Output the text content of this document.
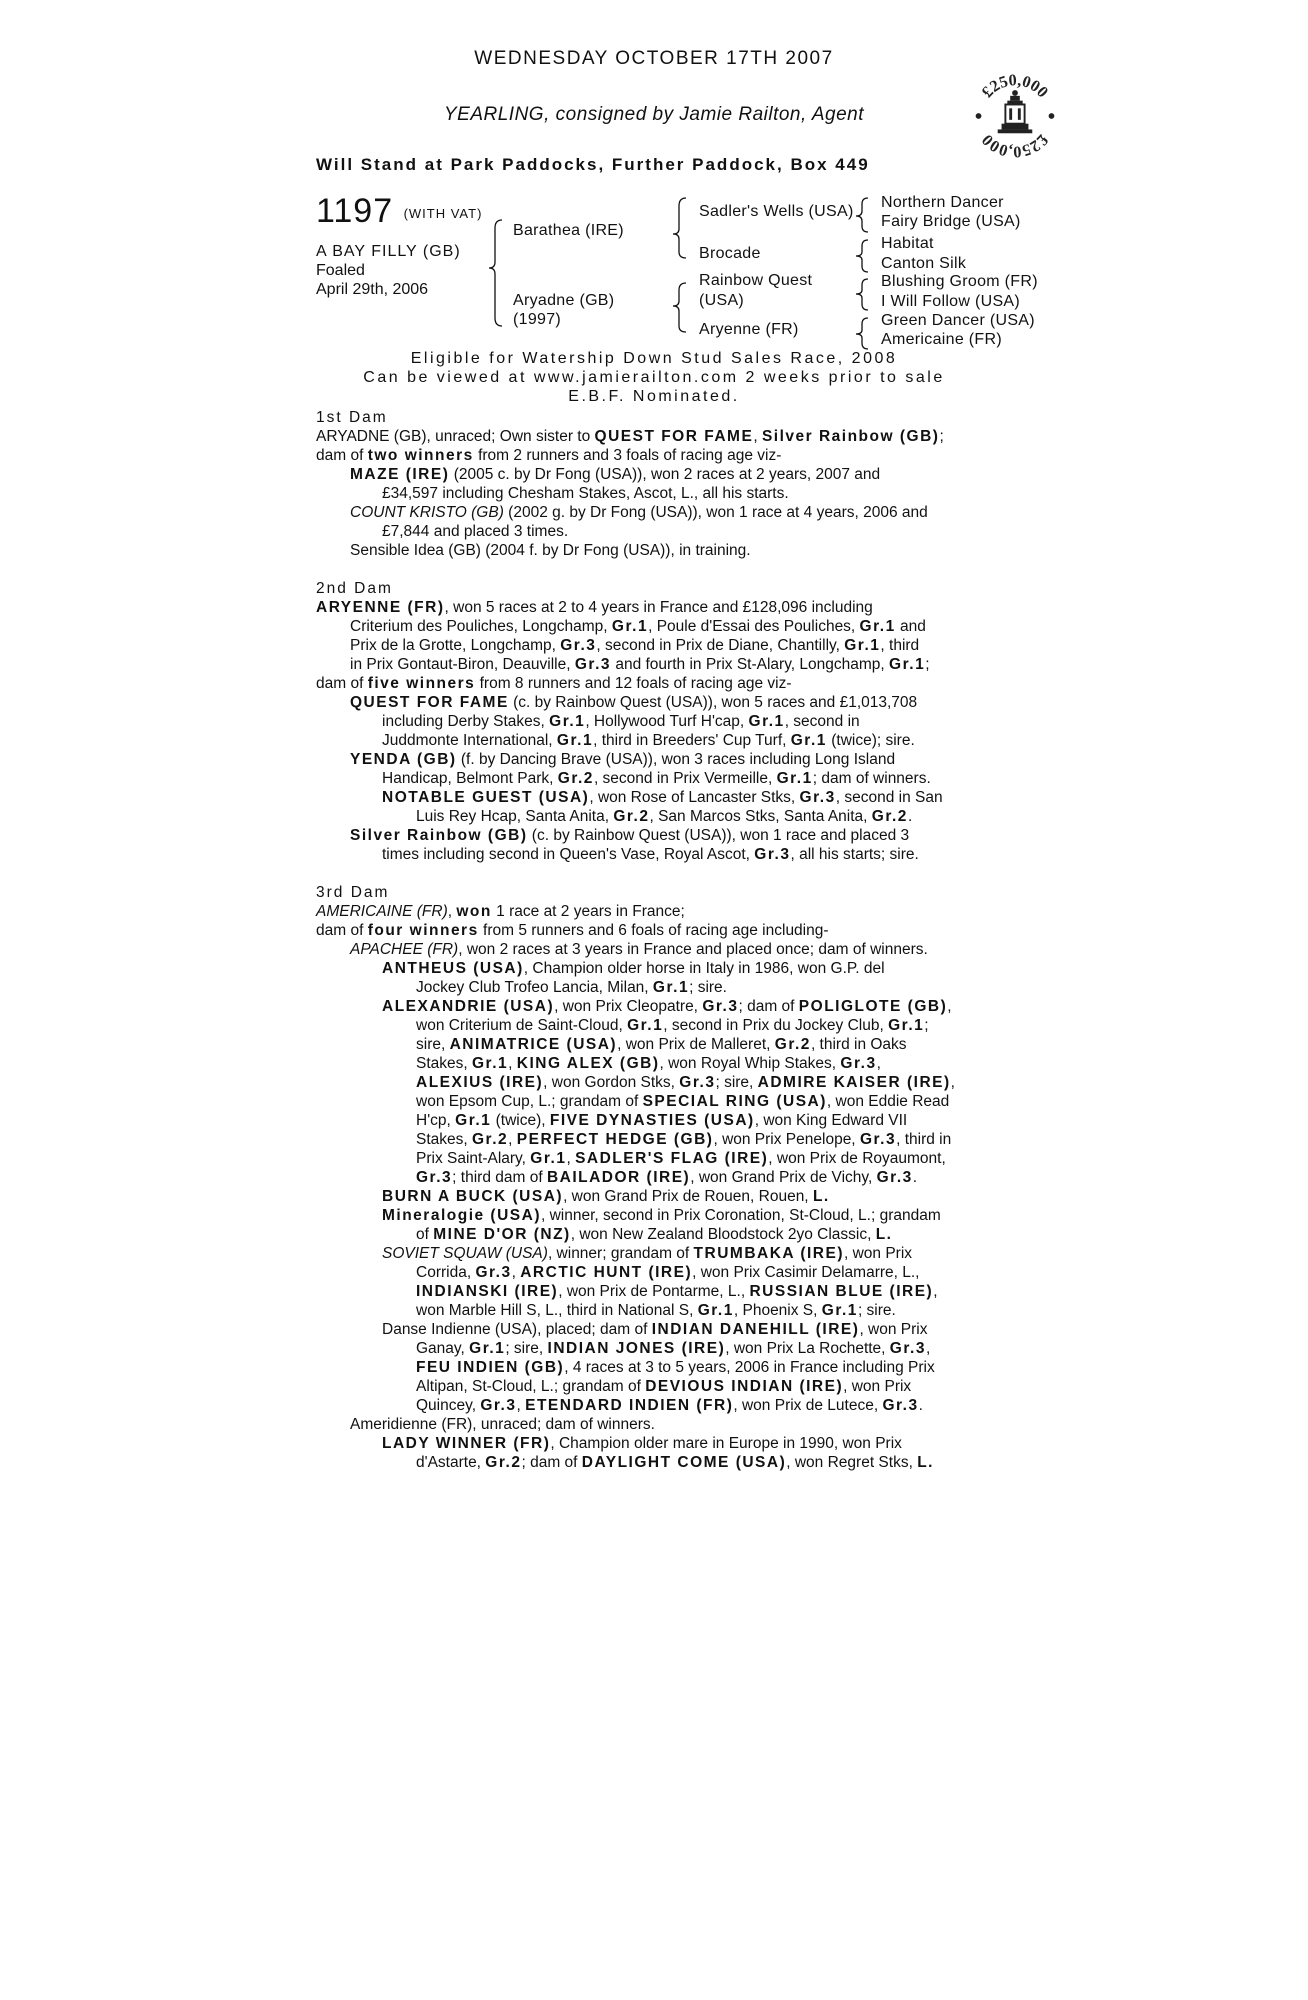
WEDNESDAY OCTOBER 17TH 2007
YEARLING, consigned by Jamie Railton, Agent
Will Stand at Park Paddocks, Further Paddock, Box 449
£250,000
£250,000
1197 (WITH VAT)
A BAY FILLY (GB)
Foaled
April 29th, 2006
Barathea (IRE)
Aryadne (GB)
(1997)
Sadler's Wells (USA)
Brocade
Rainbow Quest
(USA)
Aryenne (FR)
Northern Dancer
Fairy Bridge (USA)
Habitat
Canton Silk
Blushing Groom (FR)
I Will Follow (USA)
Green Dancer (USA)
Americaine (FR)
Eligible for Watership Down Stud Sales Race, 2008
Can be viewed at www.jamierailton.com 2 weeks prior to sale
E.B.F. Nominated.
1st Dam
ARYADNE (GB), unraced; Own sister to QUEST FOR FAME, Silver Rainbow (GB);
dam of two winners from 2 runners and 3 foals of racing age viz-
MAZE (IRE) (2005 c. by Dr Fong (USA)), won 2 races at 2 years, 2007 and
£34,597 including Chesham Stakes, Ascot, L., all his starts.
COUNT KRISTO (GB) (2002 g. by Dr Fong (USA)), won 1 race at 4 years, 2006 and
£7,844 and placed 3 times.
Sensible Idea (GB) (2004 f. by Dr Fong (USA)), in training.
2nd Dam
ARYENNE (FR), won 5 races at 2 to 4 years in France and £128,096 including
Criterium des Pouliches, Longchamp, Gr.1, Poule d'Essai des Pouliches, Gr.1 and
Prix de la Grotte, Longchamp, Gr.3, second in Prix de Diane, Chantilly, Gr.1, third
in Prix Gontaut-Biron, Deauville, Gr.3 and fourth in Prix St-Alary, Longchamp, Gr.1;
dam of five winners from 8 runners and 12 foals of racing age viz-
QUEST FOR FAME (c. by Rainbow Quest (USA)), won 5 races and £1,013,708
including Derby Stakes, Gr.1, Hollywood Turf H'cap, Gr.1, second in
Juddmonte International, Gr.1, third in Breeders' Cup Turf, Gr.1 (twice); sire.
YENDA (GB) (f. by Dancing Brave (USA)), won 3 races including Long Island
Handicap, Belmont Park, Gr.2, second in Prix Vermeille, Gr.1; dam of winners.
NOTABLE GUEST (USA), won Rose of Lancaster Stks, Gr.3, second in San
Luis Rey Hcap, Santa Anita, Gr.2, San Marcos Stks, Santa Anita, Gr.2.
Silver Rainbow (GB) (c. by Rainbow Quest (USA)), won 1 race and placed 3
times including second in Queen's Vase, Royal Ascot, Gr.3, all his starts; sire.
3rd Dam
AMERICAINE (FR), won 1 race at 2 years in France;
dam of four winners from 5 runners and 6 foals of racing age including-
APACHEE (FR), won 2 races at 3 years in France and placed once; dam of winners.
ANTHEUS (USA), Champion older horse in Italy in 1986, won G.P. del
Jockey Club Trofeo Lancia, Milan, Gr.1; sire.
ALEXANDRIE (USA), won Prix Cleopatre, Gr.3; dam of POLIGLOTE (GB),
won Criterium de Saint-Cloud, Gr.1, second in Prix du Jockey Club, Gr.1;
sire, ANIMATRICE (USA), won Prix de Malleret, Gr.2, third in Oaks
Stakes, Gr.1, KING ALEX (GB), won Royal Whip Stakes, Gr.3,
ALEXIUS (IRE), won Gordon Stks, Gr.3; sire, ADMIRE KAISER (IRE),
won Epsom Cup, L.; grandam of SPECIAL RING (USA), won Eddie Read
H'cp, Gr.1 (twice), FIVE DYNASTIES (USA), won King Edward VII
Stakes, Gr.2, PERFECT HEDGE (GB), won Prix Penelope, Gr.3, third in
Prix Saint-Alary, Gr.1, SADLER'S FLAG (IRE), won Prix de Royaumont,
Gr.3; third dam of BAILADOR (IRE), won Grand Prix de Vichy, Gr.3.
BURN A BUCK (USA), won Grand Prix de Rouen, Rouen, L.
Mineralogie (USA), winner, second in Prix Coronation, St-Cloud, L.; grandam
of MINE D'OR (NZ), won New Zealand Bloodstock 2yo Classic, L.
SOVIET SQUAW (USA), winner; grandam of TRUMBAKA (IRE), won Prix
Corrida, Gr.3, ARCTIC HUNT (IRE), won Prix Casimir Delamarre, L.,
INDIANSKI (IRE), won Prix de Pontarme, L., RUSSIAN BLUE (IRE),
won Marble Hill S, L., third in National S, Gr.1, Phoenix S, Gr.1; sire.
Danse Indienne (USA), placed; dam of INDIAN DANEHILL (IRE), won Prix
Ganay, Gr.1; sire, INDIAN JONES (IRE), won Prix La Rochette, Gr.3,
FEU INDIEN (GB), 4 races at 3 to 5 years, 2006 in France including Prix
Altipan, St-Cloud, L.; grandam of DEVIOUS INDIAN (IRE), won Prix
Quincey, Gr.3, ETENDARD INDIEN (FR), won Prix de Lutece, Gr.3.
Ameridienne (FR), unraced; dam of winners.
LADY WINNER (FR), Champion older mare in Europe in 1990, won Prix
d'Astarte, Gr.2; dam of DAYLIGHT COME (USA), won Regret Stks, L.
